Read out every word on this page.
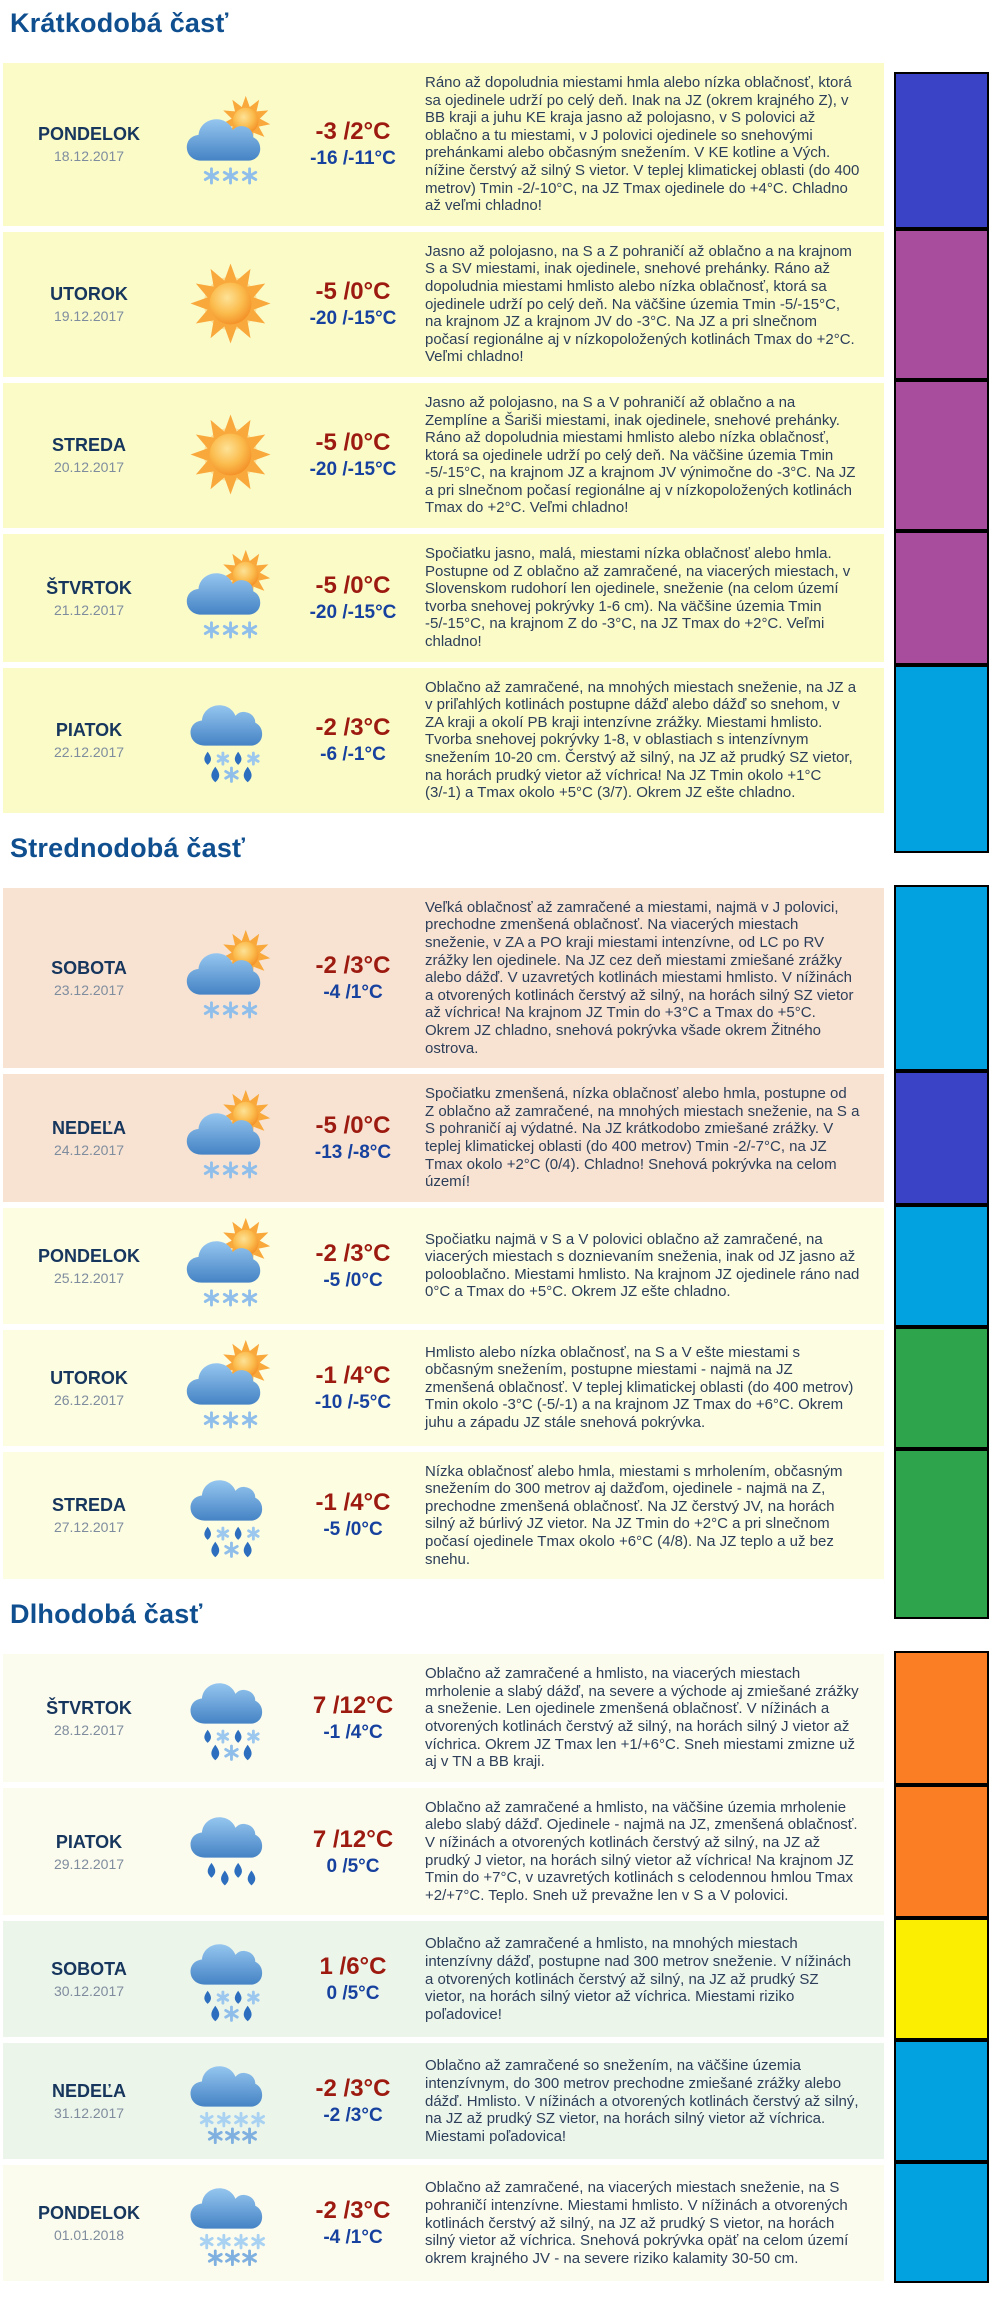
Krátkodobá časť
PONDELOK
18.12.2017
-3 /2°C
-16 /-11°C
Ráno až dopoludnia miestami hmla alebo nízka oblačnosť, ktorá sa ojedinele udrží po celý deň. Inak na JZ (okrem krajného Z), v BB kraji a juhu KE kraja jasno až polojasno, v S polovici až oblačno a tu miestami, v J polovici ojedinele so snehovými prehánkami alebo občasným snežením. V KE kotline a Vých. nížine čerstvý až silný S vietor. V teplej klimatickej oblasti (do 400 metrov) Tmin -2/-10°C, na JZ Tmax ojedinele do +4°C. Chladno až veľmi chladno!
UTOROK
19.12.2017
-5 /0°C
-20 /-15°C
Jasno až polojasno, na S a Z pohraničí až oblačno a na krajnom S a SV miestami, inak ojedinele, snehové prehánky. Ráno až dopoludnia miestami hmlisto alebo nízka oblačnosť, ktorá sa ojedinele udrží po celý deň. Na väčšine územia Tmin -5/-15°C, na krajnom JZ a krajnom JV do -3°C. Na JZ a pri slnečnom počasí regionálne aj v nízkopoložených kotlinách Tmax do +2°C. Veľmi chladno!
STREDA
20.12.2017
-5 /0°C
-20 /-15°C
Jasno až polojasno, na S a V pohraničí až oblačno a na Zemplíne a Šariši miestami, inak ojedinele, snehové prehánky. Ráno až dopoludnia miestami hmlisto alebo nízka oblačnosť, ktorá sa ojedinele udrží po celý deň. Na väčšine územia Tmin -5/-15°C, na krajnom JZ a krajnom JV výnimočne do -3°C. Na JZ a pri slnečnom počasí regionálne aj v nízkopoložených kotlinách Tmax do +2°C. Veľmi chladno!
ŠTVRTOK
21.12.2017
-5 /0°C
-20 /-15°C
Spočiatku jasno, malá, miestami nízka oblačnosť alebo hmla. Postupne od Z oblačno až zamračené, na viacerých miestach, v Slovenskom rudohorí len ojedinele, sneženie (na celom území tvorba snehovej pokrývky 1-6 cm). Na väčšine územia Tmin -5/-15°C, na krajnom Z do -3°C, na JZ Tmax do +2°C. Veľmi chladno!
PIATOK
22.12.2017
-2 /3°C
-6 /-1°C
Oblačno až zamračené, na mnohých miestach sneženie, na JZ a v priľahlých kotlinách postupne dážď alebo dážď so snehom, v ZA kraji a okolí PB kraji intenzívne zrážky. Miestami hmlisto. Tvorba snehovej pokrývky 1-8, v oblastiach s intenzívnym snežením 10-20 cm. Čerstvý až silný, na JZ až prudký SZ vietor, na horách prudký vietor až víchrica! Na JZ Tmin okolo +1°C (3/-1) a Tmax okolo +5°C (3/7). Okrem JZ ešte chladno.
Strednodobá časť
SOBOTA
23.12.2017
-2 /3°C
-4 /1°C
Veľká oblačnosť až zamračené a miestami, najmä v J polovici, prechodne zmenšená oblačnosť. Na viacerých miestach sneženie, v ZA a PO kraji miestami intenzívne, od LC po RV zrážky len ojedinele. Na JZ cez deň miestami zmiešané zrážky alebo dážď. V uzavretých kotlinách miestami hmlisto. V nížinách a otvorených kotlinách čerstvý až silný, na horách silný SZ vietor až víchrica! Na krajnom JZ Tmin do +3°C a Tmax do +5°C. Okrem JZ chladno, snehová pokrývka všade okrem Žitného ostrova.
NEDEĽA
24.12.2017
-5 /0°C
-13 /-8°C
Spočiatku zmenšená, nízka oblačnosť alebo hmla, postupne od Z oblačno až zamračené, na mnohých miestach sneženie, na S a S pohraničí aj výdatné. Na JZ krátkodobo zmiešané zrážky. V teplej klimatickej oblasti (do 400 metrov) Tmin -2/-7°C, na JZ Tmax okolo +2°C (0/4). Chladno! Snehová pokrývka na celom území!
PONDELOK
25.12.2017
-2 /3°C
-5 /0°C
Spočiatku najmä v S a V polovici oblačno až zamračené, na viacerých miestach s doznievaním sneženia, inak od JZ jasno až polooblačno. Miestami hmlisto. Na krajnom JZ ojedinele ráno nad 0°C a Tmax do +5°C. Okrem JZ ešte chladno.
UTOROK
26.12.2017
-1 /4°C
-10 /-5°C
Hmlisto alebo nízka oblačnosť, na S a V ešte miestami s občasným snežením, postupne miestami - najmä na JZ zmenšená oblačnosť. V teplej klimatickej oblasti (do 400 metrov) Tmin okolo -3°C (-5/-1) a na krajnom JZ Tmax do +6°C. Okrem juhu a západu JZ stále snehová pokrývka.
STREDA
27.12.2017
-1 /4°C
-5 /0°C
Nízka oblačnosť alebo hmla, miestami s mrholením, občasným snežením do 300 metrov aj dažďom, ojedinele - najmä na Z, prechodne zmenšená oblačnosť. Na JZ čerstvý JV, na horách silný až búrlivý JZ vietor. Na JZ Tmin do +2°C a pri slnečnom počasí ojedinele Tmax okolo +6°C (4/8). Na JZ teplo a už bez snehu.
Dlhodobá časť
ŠTVRTOK
28.12.2017
7 /12°C
-1 /4°C
Oblačno až zamračené a hmlisto, na viacerých miestach mrholenie a slabý dážď, na severe a východe aj zmiešané zrážky a sneženie. Len ojedinele zmenšená oblačnosť. V nížinách a otvorených kotlinách čerstvý až silný, na horách silný J vietor až víchrica. Okrem JZ Tmax len +1/+6°C. Sneh miestami zmizne už aj v TN a BB kraji.
PIATOK
29.12.2017
7 /12°C
0 /5°C
Oblačno až zamračené a hmlisto, na väčšine územia mrholenie alebo slabý dážď. Ojedinele - najmä na JZ, zmenšená oblačnosť. V nížinách a otvorených kotlinách čerstvý až silný, na JZ až prudký J vietor, na horách silný vietor až víchrica! Na krajnom JZ Tmin do +7°C, v uzavretých kotlinách s celodennou hmlou Tmax +2/+7°C. Teplo. Sneh už prevažne len v S a V polovici.
SOBOTA
30.12.2017
1 /6°C
0 /5°C
Oblačno až zamračené a hmlisto, na mnohých miestach intenzívny dážď, postupne nad 300 metrov sneženie. V nížinách a otvorených kotlinách čerstvý až silný, na JZ až prudký SZ vietor, na horách silný vietor až víchrica. Miestami riziko poľadovice!
NEDEĽA
31.12.2017
-2 /3°C
-2 /3°C
Oblačno až zamračené so snežením, na väčšine územia intenzívnym, do 300 metrov prechodne zmiešané zrážky alebo dážď. Hmlisto. V nížinách a otvorených kotlinách čerstvý až silný, na JZ až prudký SZ vietor, na horách silný vietor až víchrica. Miestami poľadovica!
PONDELOK
01.01.2018
-2 /3°C
-4 /1°C
Oblačno až zamračené, na viacerých miestach sneženie, na S pohraničí intenzívne. Miestami hmlisto. V nížinách a otvorených kotlinách čerstvý až silný, na JZ až prudký S vietor, na horách silný vietor až víchrica. Snehová pokrývka opäť na celom území okrem krajného JV - na severe riziko kalamity 30-50 cm.
